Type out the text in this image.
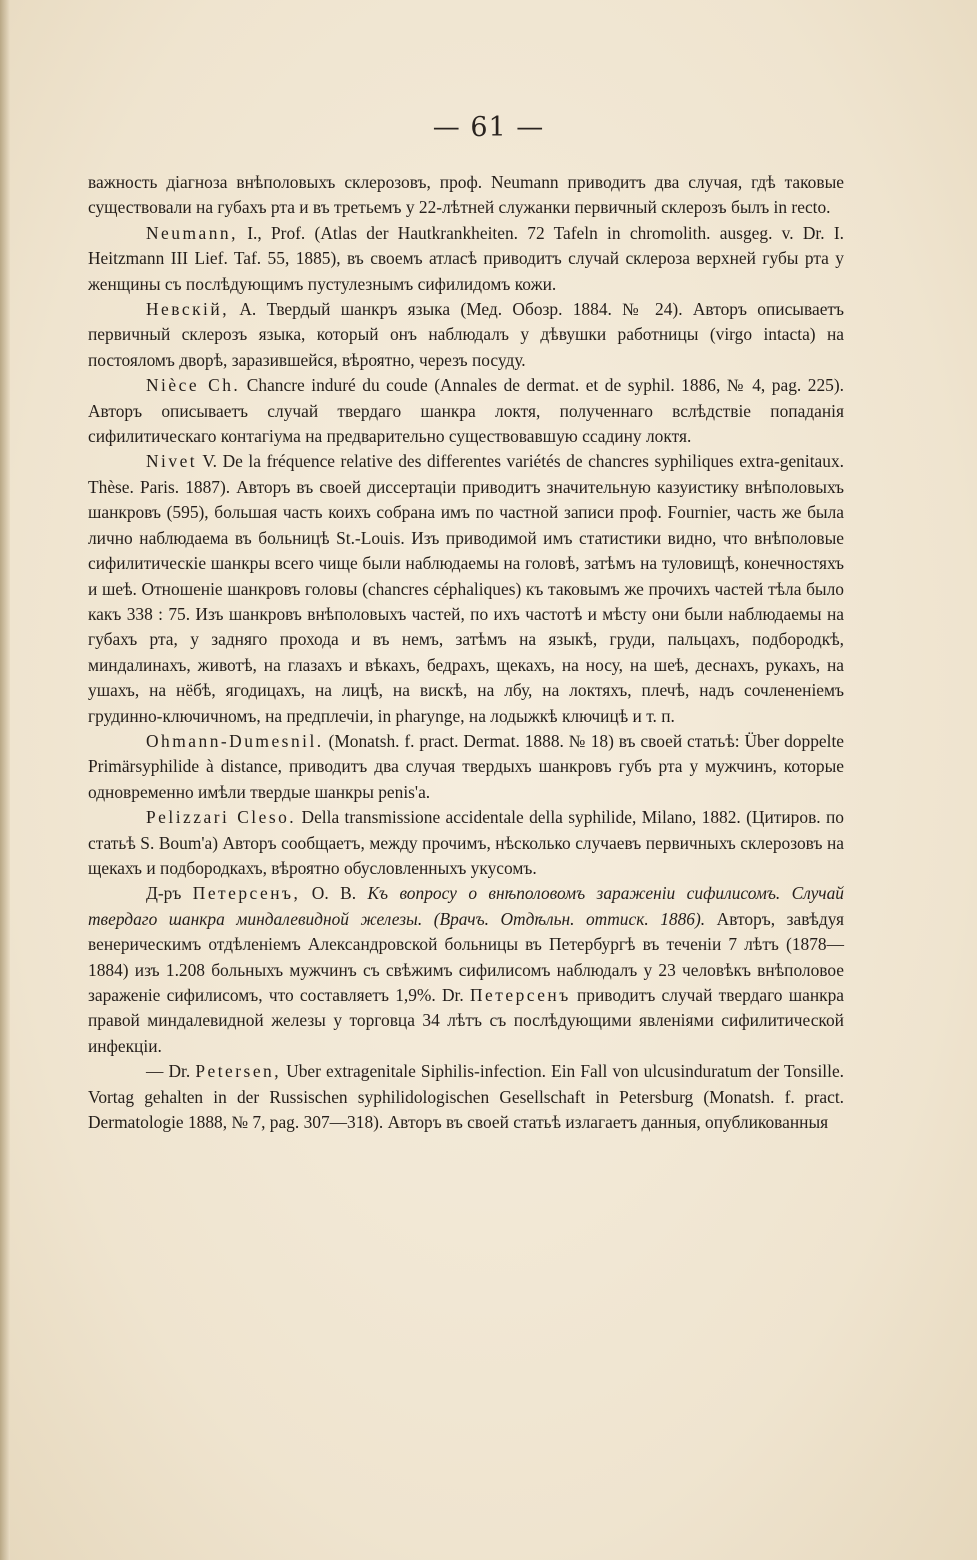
— 61 —

важность діагноза внѣполовыхъ склерозовъ, проф. Neumann приводитъ два случая, гдѣ таковые существовали на губахъ рта и въ третьемъ у 22-лѣтней служанки первичный склерозъ былъ in recto.

Neumann, I., Prof. (Atlas der Hautkrankheiten. 72 Tafeln in chromolith. ausgeg. v. Dr. I. Heitzmann III Lief. Taf. 55, 1885), въ своемъ атласѣ приводитъ случай склероза верхней губы рта у женщины съ послѣдующимъ пустулезнымъ сифилидомъ кожи.

Невскій, А. Твердый шанкръ языка (Мед. Обозр. 1884. № 24). Авторъ описываетъ первичный склерозъ языка, который онъ наблюдалъ у дѣвушки работницы (virgo intacta) на постояломъ дворѣ, заразившейся, вѣроятно, черезъ посуду.

Nièce Ch. Chancre induré du coude (Annales de dermat. et de syphil. 1886, № 4, pag. 225). Авторъ описываетъ случай твердаго шанкра локтя, полученнаго вслѣдствіе попаданія сифилитическаго контагіума на предварительно существовавшую ссадину локтя.

Nivet V. De la fréquence relative des differentes variétés de chancres syphiliques extra-genitaux. Thèse. Paris. 1887). Авторъ въ своей диссертаціи приводитъ значительную казуистику внѣполовыхъ шанкровъ (595), большая часть коихъ собрана имъ по частной записи проф. Fournier, часть же была лично наблюдаема въ больницѣ St.-Louis. Изъ приводимой имъ статистики видно, что внѣполовые сифилитическіе шанкры всего чище были наблюдаемы на головѣ, затѣмъ на туловищѣ, конечностяхъ и шеѣ. Отношеніе шанкровъ головы (chancres céphaliques) къ таковымъ же прочихъ частей тѣла было какъ 338 : 75. Изъ шанкровъ внѣполовыхъ частей, по ихъ частотѣ и мѣсту они были наблюдаемы на губахъ рта, у задняго прохода и въ немъ, затѣмъ на языкѣ, груди, пальцахъ, подбородкѣ, миндалинахъ, животѣ, на глазахъ и вѣкахъ, бедрахъ, щекахъ, на носу, на шеѣ, деснахъ, рукахъ, на ушахъ, на нёбѣ, ягодицахъ, на лицѣ, на вискѣ, на лбу, на локтяхъ, плечѣ, надъ сочлененіемъ грудинно-ключичномъ, на предплечіи, in pharynge, на лодыжкѣ ключицѣ и т. п.

Ohmann-Dumesnil. (Monatsh. f. pract. Dermat. 1888. № 18) въ своей статьѣ: Über doppelte Primärsyphilide à distance, приводитъ два случая твердыхъ шанкровъ губъ рта у мужчинъ, которые одновременно имѣли твердые шанкры penis'a.

Pelizzari Cleso. Della transmissione accidentale della syphilide, Milano, 1882. (Цитиров. по статьѣ S. Boum'a) Авторъ сообщаетъ, между прочимъ, нѣсколько случаевъ первичныхъ склерозовъ на щекахъ и подбородкахъ, вѣроятно обусловленныхъ укусомъ.

Д-ръ Петерсенъ, О. В. Къ вопросу о внѣполовомъ зараженіи сифилисомъ. Случай твердаго шанкра миндалевидной железы. (Врачъ. Отдѣльн. оттиск. 1886). Авторъ, завѣдуя венерическимъ отдѣленіемъ Александровской больницы въ Петербургѣ въ теченіи 7 лѣтъ (1878—1884) изъ 1.208 больныхъ мужчинъ съ свѣжимъ сифилисомъ наблюдалъ у 23 человѣкъ внѣполовое зараженіе сифилисомъ, что составляетъ 1,9%. Dr. Петерсенъ приводитъ случай твердаго шанкра правой миндалевидной железы у торговца 34 лѣтъ съ послѣдующими явленіями сифилитической инфекціи.

— Dr. Petersen, Uber extragenitale Siphilis-infection. Ein Fall von ulcusinduratum der Tonsille. Vortag gehalten in der Russischen syphilidologischen Gesellschaft in Petersburg (Monatsh. f. pract. Dermatologie 1888, № 7, pag. 307—318). Авторъ въ своей статьѣ излагаетъ данныя, опубликованныя
